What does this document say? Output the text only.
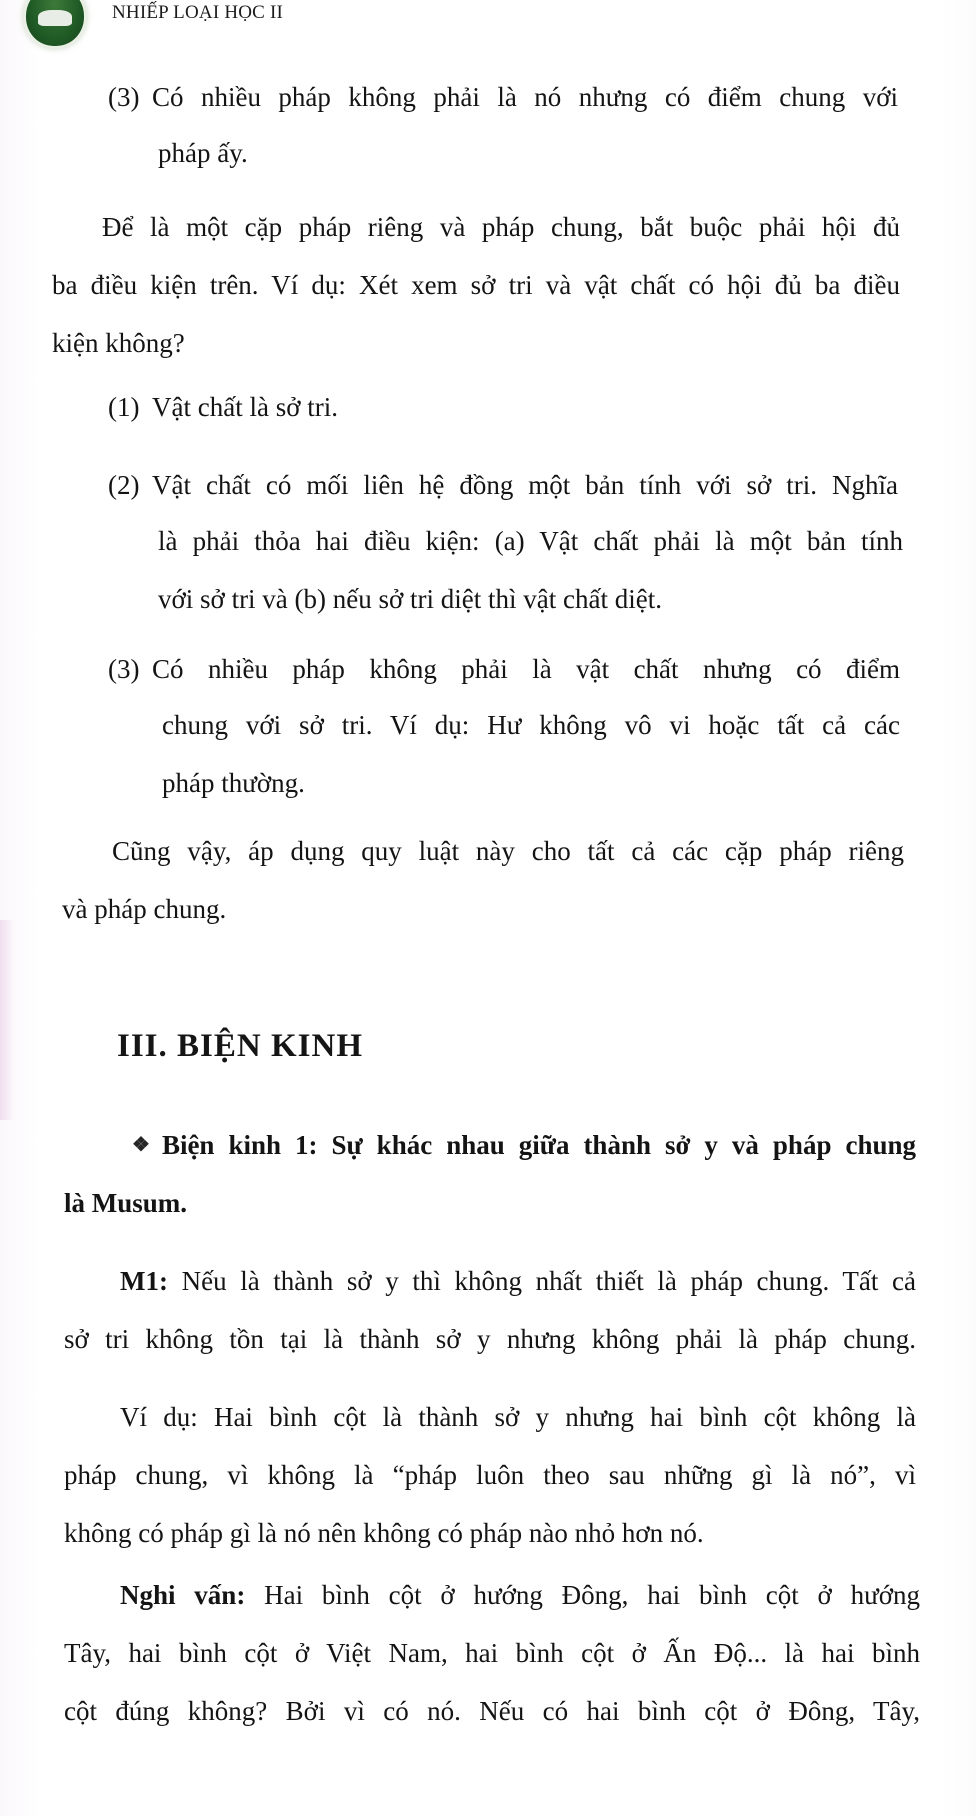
NHIẾP LOẠI HỌC II
(3) Có nhiều pháp không phải là nó nhưng có điểm chung với
pháp ấy.
Để là một cặp pháp riêng và pháp chung, bắt buộc phải hội đủ
ba điều kiện trên. Ví dụ: Xét xem sở tri và vật chất có hội đủ ba điều
kiện không?
(1) Vật chất là sở tri.
(2) Vật chất có mối liên hệ đồng một bản tính với sở tri. Nghĩa
là phải thỏa hai điều kiện: (a) Vật chất phải là một bản tính
với sở tri và (b) nếu sở tri diệt thì vật chất diệt.
(3) Có nhiều pháp không phải là vật chất nhưng có điểm
chung với sở tri. Ví dụ: Hư không vô vi hoặc tất cả các
pháp thường.
Cũng vậy, áp dụng quy luật này cho tất cả các cặp pháp riêng
và pháp chung.
III. BIỆN KINH
❖ Biện kinh 1: Sự khác nhau giữa thành sở y và pháp chung
là Musum.
M1: Nếu là thành sở y thì không nhất thiết là pháp chung. Tất cả
sở tri không tồn tại là thành sở y nhưng không phải là pháp chung.
Ví dụ: Hai bình cột là thành sở y nhưng hai bình cột không là
pháp chung, vì không là “pháp luôn theo sau những gì là nó”, vì
không có pháp gì là nó nên không có pháp nào nhỏ hơn nó.
Nghi vấn: Hai bình cột ở hướng Đông, hai bình cột ở hướng
Tây, hai bình cột ở Việt Nam, hai bình cột ở Ấn Độ... là hai bình
cột đúng không? Bởi vì có nó. Nếu có hai bình cột ở Đông, Tây,
